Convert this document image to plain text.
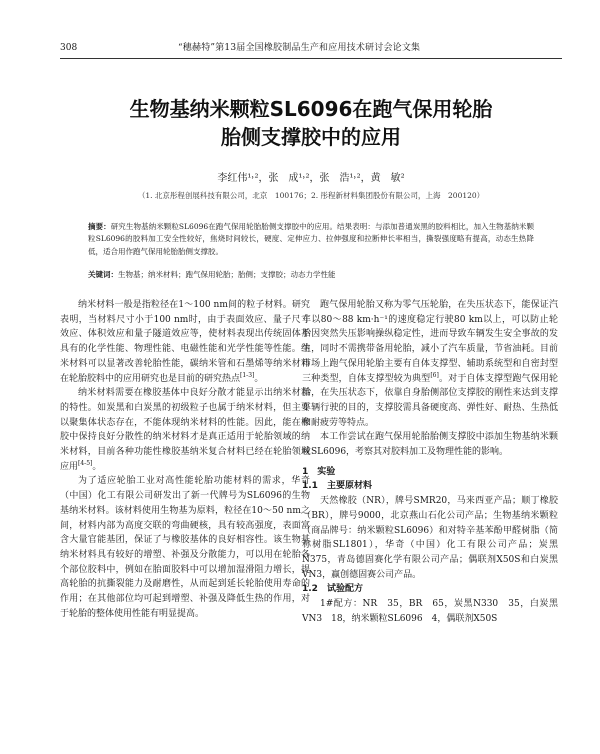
308	“穗赫特”第13届全国橡胶制品生产和应用技术研讨会论文集
生物基纳米颗粒SL6096在跑气保用轮胎
胎侧支撑胶中的应用
李红伟¹˒²，张　成¹˒²，张　浩¹˒²，黄　敏²
（1. 北京彤程创展科技有限公司，北京　100176；2. 彤程新材料集团股份有限公司，上海　200120）
摘要：研究生物基纳米颗粒SL6096在跑气保用轮胎胎侧支撑胶中的应用。结果表明：与添加普通炭黑的胶料相比，加入生物基纳米颗粒SL6096的胶料加工安全性较好，焦烧时间较长，硬度、定伸应力、拉伸强度和拉断伸长率相当，撕裂强度略有提高，动态生热降低，适合用作跑气保用轮胎胎侧支撑胶。
关键词：生物基；纳米材料；跑气保用轮胎；胎侧；支撑胶；动态力学性能

纳米材料一般是指粒径在1～100 nm间的粒子材料。研究表明，当材料尺寸小于100 nm时，由于表面效应、量子尺寸效应、体积效应和量子隧道效应等，使材料表现出传统固体不具有的化学性能、物理性能、电磁性能和光学性能等性能。纳米材料可以显著改善轮胎性能，碳纳米管和石墨烯等纳米材料在轮胎胶料中的应用研究也是目前的研究热点[1-3]。

纳米材料需要在橡胶基体中良好分散才能显示出纳米材料的特性。如炭黑和白炭黑的初级粒子也属于纳米材料，但主要以聚集体状态存在，不能体现纳米材料的性能。因此，能在橡胶中保持良好分散性的纳米材料才是真正适用于轮胎领域的纳米材料，目前各种功能性橡胶基纳米复合材料已经在轮胎领域应用[4-5]。

为了适应轮胎工业对高性能轮胎功能材料的需求，华奇（中国）化工有限公司研发出了新一代牌号为SL6096的生物基纳米材料。该材料使用生物基为原料，粒径在10～50 nm之间，材料内部为高度交联的弯曲硬核，具有较高强度，表面富含大量官能基团，保证了与橡胶基体的良好相容性。该生物基纳米材料具有较好的增塑、补强及分散能力，可以用在轮胎各个部位胶料中，例如在胎面胶料中可以增加湿滑阻力增长，提高轮胎的抗撕裂能力及耐磨性，从而起到延长轮胎使用寿命的作用；在其他部位均可起到增塑、补强及降低生热的作用，对于轮胎的整体使用性能有明显提高。

跑气保用轮胎又称为零气压轮胎，在失压状态下，能保证汽车以80～88 km·h⁻¹的速度稳定行驶80 km以上，可以防止轮胎因突然失压影响操纵稳定性，进而导致车辆发生安全事故的发生，同时不需携带备用轮胎，减小了汽车质量，节省油耗。目前市场上跑气保用轮胎主要有自体支撑型、辅助系统型和自密封型三种类型，自体支撑型较为典型[6]。对于自体支撑型跑气保用轮胎，在失压状态下，依靠自身胎侧部位支撑胶的刚性来达到支撑车辆行驶的目的，支撑胶需具备硬度高、弹性好、耐热、生热低和耐疲劳等特点。

本工作尝试在跑气保用轮胎胎侧支撑胶中添加生物基纳米颗粒SL6096，考察其对胶料加工及物理性能的影响。

1　实验
1.1　主要原材料

天然橡胶（NR），牌号SMR20，马来西亚产品；顺丁橡胶（BR），牌号9000，北京燕山石化公司产品；生物基纳米颗粒（商品牌号：纳米颗粒SL6096）和对特辛基苯酚甲醛树脂（简称树脂SL1801），华奇（中国）化工有限公司产品；炭黑N375，青岛德固赛化学有限公司产品；偶联剂X50S和白炭黑VN3，赢创德固赛公司产品。

1.2　试验配方

1#配方：NR　35，BR　65，炭黑N330　35，白炭黑VN3　18，纳米颗粒SL6096　4，偶联剂X50S
